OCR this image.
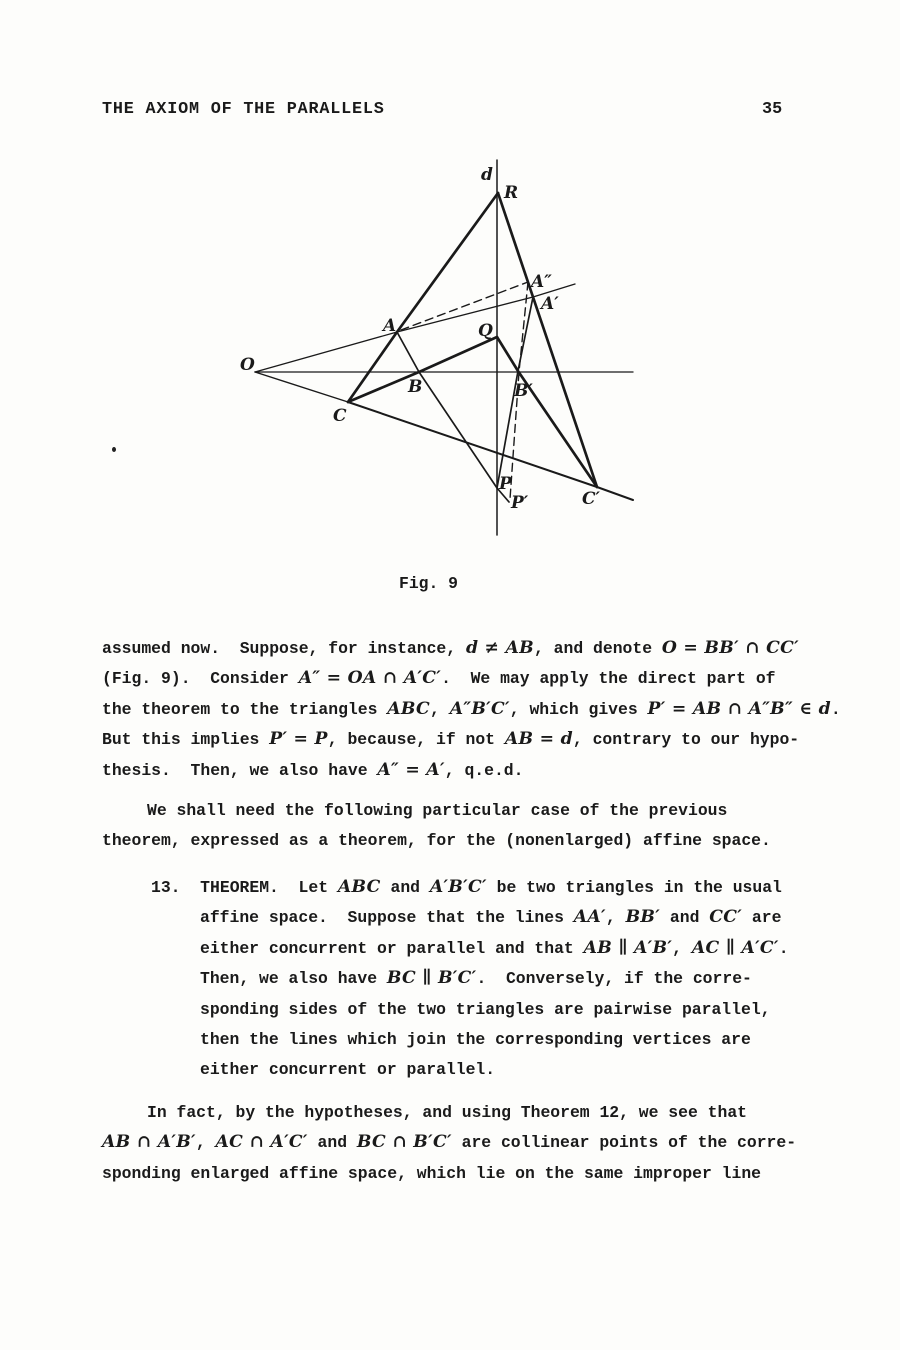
THE AXIOM OF THE PARALLELS	35
d
R
A″
A′
A	Q
O
B	B′
C
P
P′	C′
Fig. 9
assumed now.  Suppose, for instance, d ≠ AB, and denote O = BB′ ∩ CC′
(Fig. 9).  Consider A″ = OA ∩ A′C′.  We may apply the direct part of
the theorem to the triangles ABC, A″B′C′, which gives P′ = AB ∩ A″B″ ∈ d.
But this implies P′ = P, because, if not AB = d, contrary to our hypo-
thesis.  Then, we also have A″ = A′, q.e.d.
We shall need the following particular case of the previous
theorem, expressed as a theorem, for the (nonenlarged) affine space.
13.  THEOREM.  Let ABC and A′B′C′ be two triangles in the usual
affine space.  Suppose that the lines AA′, BB′ and CC′ are
either concurrent or parallel and that AB ∥ A′B′, AC ∥ A′C′.
Then, we also have BC ∥ B′C′.  Conversely, if the corre-
sponding sides of the two triangles are pairwise parallel,
then the lines which join the corresponding vertices are
either concurrent or parallel.
In fact, by the hypotheses, and using Theorem 12, we see that
AB ∩ A′B′, AC ∩ A′C′ and BC ∩ B′C′ are collinear points of the corre-
sponding enlarged affine space, which lie on the same improper line
